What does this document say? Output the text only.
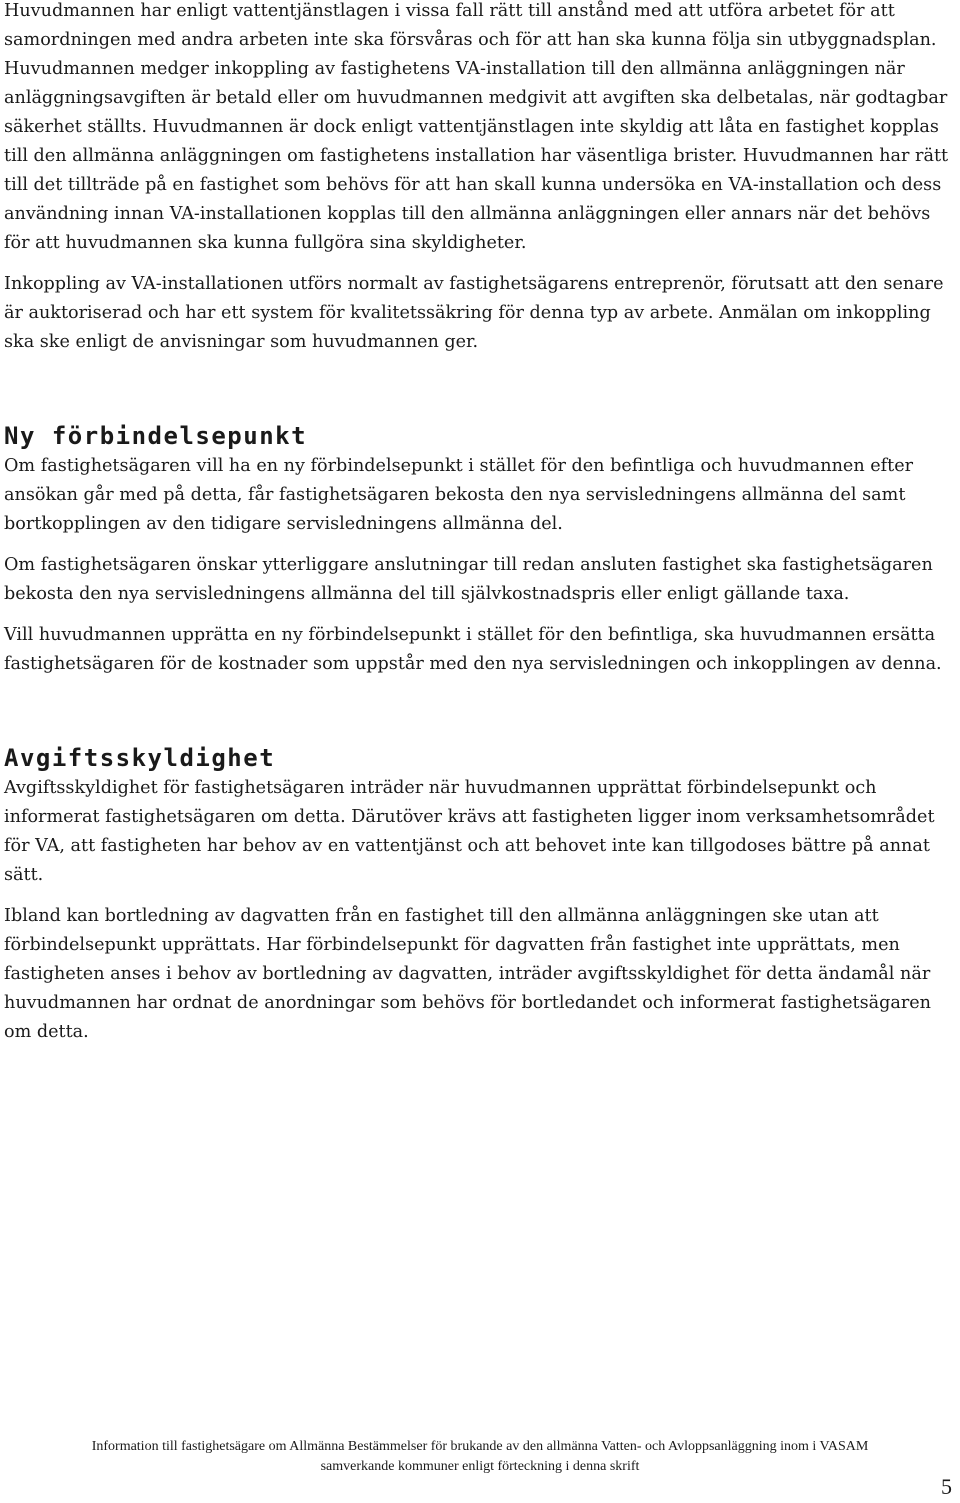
Huvudmannen har enligt vattentjänstlagen i vissa fall rätt till anstånd med att utföra arbetet för att samordningen med andra arbeten inte ska försvåras och för att han ska kunna följa sin utbyggnadsplan. Huvudmannen medger inkoppling av fastighetens VA-installation till den allmänna anläggningen när anläggningsavgiften är betald eller om huvudmannen medgivit att avgiften ska delbetalas, när godtagbar säkerhet ställts. Huvudmannen är dock enligt vattentjänstlagen inte skyldig att låta en fastighet kopplas till den allmänna anläggningen om fastighetens installation har väsentliga brister. Huvudmannen har rätt till det tillträde på en fastighet som behövs för att han skall kunna undersöka en VA-installation och dess användning innan VA-installationen kopplas till den allmänna anläggningen eller annars när det behövs för att huvudmannen ska kunna fullgöra sina skyldigheter.

Inkoppling av VA-installationen utförs normalt av fastighetsägarens entreprenör, förutsatt att den senare är auktoriserad och har ett system för kvalitetssäkring för denna typ av arbete. Anmälan om inkoppling ska ske enligt de anvisningar som huvudmannen ger.

Ny förbindelsepunkt

Om fastighetsägaren vill ha en ny förbindelsepunkt i stället för den befintliga och huvudmannen efter ansökan går med på detta, får fastighetsägaren bekosta den nya servisledningens allmänna del samt bortkopplingen av den tidigare servisledningens allmänna del.

Om fastighetsägaren önskar ytterliggare anslutningar till redan ansluten fastighet ska fastighetsägaren bekosta den nya servisledningens allmänna del till självkostnadspris eller enligt gällande taxa.

Vill huvudmannen upprätta en ny förbindelsepunkt i stället för den befintliga, ska huvudmannen ersätta fastighetsägaren för de kostnader som uppstår med den nya servisledningen och inkopplingen av denna.

Avgiftsskyldighet

Avgiftsskyldighet för fastighetsägaren inträder när huvudmannen upprättat förbindelsepunkt och informerat fastighetsägaren om detta. Därutöver krävs att fastigheten ligger inom verksamhetsområdet för VA, att fastigheten har behov av en vattentjänst och att behovet inte kan tillgodoses bättre på annat sätt.

Ibland kan bortledning av dagvatten från en fastighet till den allmänna anläggningen ske utan att förbindelsepunkt upprättats. Har förbindelsepunkt för dagvatten från fastighet inte upprättats, men fastigheten anses i behov av bortledning av dagvatten, inträder avgiftsskyldighet för detta ändamål när huvudmannen har ordnat de anordningar som behövs för bortledandet och informerat fastighetsägaren om detta.

Information till fastighetsägare om Allmänna Bestämmelser för brukande av den allmänna Vatten- och Avloppsanläggning inom i VASAM
samverkande kommuner enligt förteckning i denna skrift
5
